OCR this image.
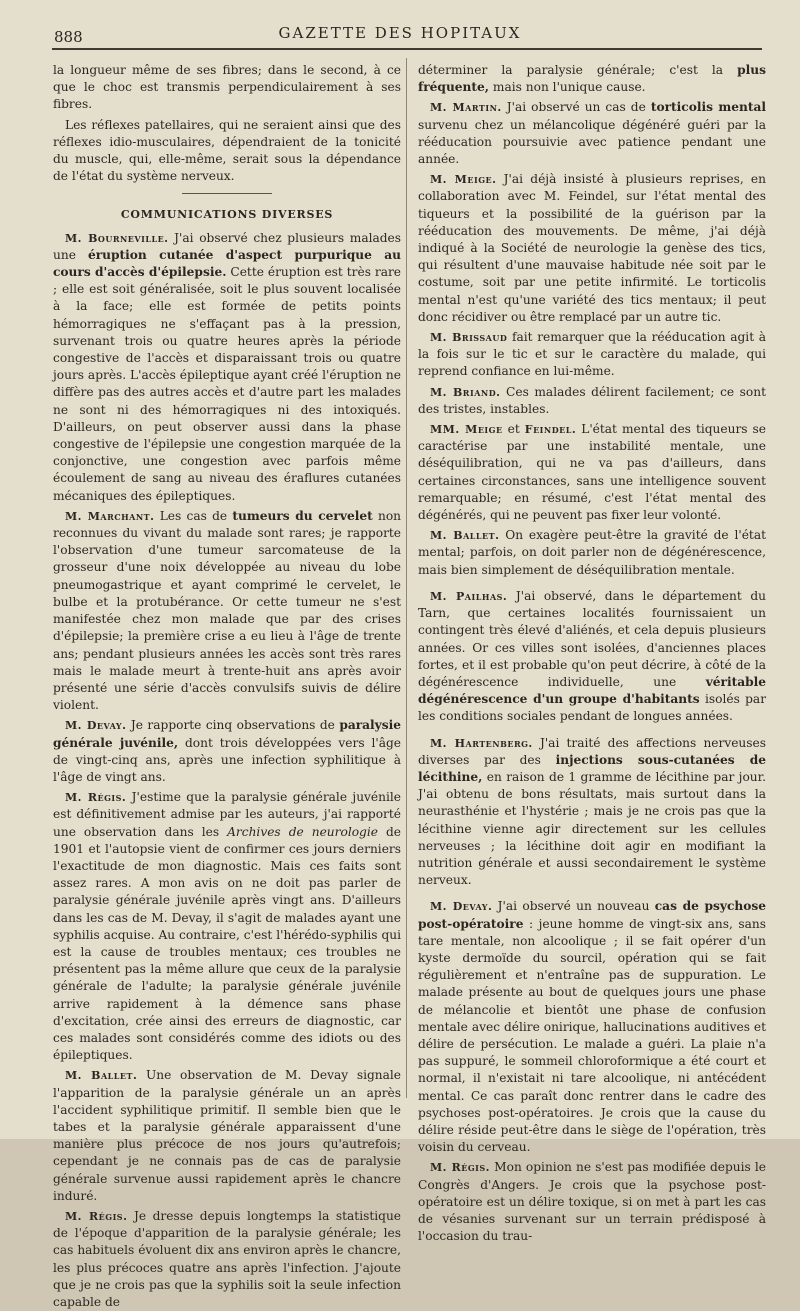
888	GAZETTE DES HOPITAUX

la longueur même de ses fibres; dans le second, à ce que le choc est transmis perpendiculairement à ses fibres.

Les réflexes patellaires, qui ne seraient ainsi que des réflexes idio-musculaires, dépendraient de la tonicité du muscle, qui, elle-même, serait sous la dépendance de l'état du système nerveux.

COMMUNICATIONS DIVERSES

M. Bourneville. J'ai observé chez plusieurs malades une éruption cutanée d'aspect purpurique au cours d'accès d'épilepsie. Cette éruption est très rare ; elle est soit généralisée, soit le plus souvent localisée à la face; elle est formée de petits points hémorragiques ne s'effaçant pas à la pression, survenant trois ou quatre heures après la période congestive de l'accès et disparaissant trois ou quatre jours après. L'accès épileptique ayant créé l'éruption ne diffère pas des autres accès et d'autre part les malades ne sont ni des hémorragiques ni des intoxiqués. D'ailleurs, on peut observer aussi dans la phase congestive de l'épilepsie une congestion marquée de la conjonctive, une congestion avec parfois même écoulement de sang au niveau des éraflures cutanées mécaniques des épileptiques.

M. Marchant. Les cas de tumeurs du cervelet non reconnues du vivant du malade sont rares; je rapporte l'observation d'une tumeur sarcomateuse de la grosseur d'une noix développée au niveau du lobe pneumogastrique et ayant comprimé le cervelet, le bulbe et la protubérance. Or cette tumeur ne s'est manifestée chez mon malade que par des crises d'épilepsie; la première crise a eu lieu à l'âge de trente ans; pendant plusieurs années les accès sont très rares mais le malade meurt à trente-huit ans après avoir présenté une série d'accès convulsifs suivis de délire violent.

M. Devay. Je rapporte cinq observations de paralysie générale juvénile, dont trois développées vers l'âge de vingt-cinq ans, après une infection syphilitique à l'âge de vingt ans.

M. Régis. J'estime que la paralysie générale juvénile est définitivement admise par les auteurs, j'ai rapporté une observation dans les Archives de neurologie de 1901 et l'autopsie vient de confirmer ces jours derniers l'exactitude de mon diagnostic. Mais ces faits sont assez rares. A mon avis on ne doit pas parler de paralysie générale juvénile après vingt ans. D'ailleurs dans les cas de M. Devay, il s'agit de malades ayant une syphilis acquise. Au contraire, c'est l'hérédo-syphilis qui est la cause de troubles mentaux; ces troubles ne présentent pas la même allure que ceux de la paralysie générale de l'adulte; la paralysie générale juvénile arrive rapidement à la démence sans phase d'excitation, crée ainsi des erreurs de diagnostic, car ces malades sont considérés comme des idiots ou des épileptiques.

M. Ballet. Une observation de M. Devay signale l'apparition de la paralysie générale un an après l'accident syphilitique primitif. Il semble bien que le tabes et la paralysie générale apparaissent d'une manière plus précoce de nos jours qu'autrefois; cependant je ne connais pas de cas de paralysie générale survenue aussi rapidement après le chancre induré.

M. Régis. Je dresse depuis longtemps la statistique de l'époque d'apparition de la paralysie générale; les cas habituels évoluent dix ans environ après le chancre, les plus précoces quatre ans après l'infection. J'ajoute que je ne crois pas que la syphilis soit la seule infection capable de

déterminer la paralysie générale; c'est la plus fréquente, mais non l'unique cause.

M. Martin. J'ai observé un cas de torticolis mental survenu chez un mélancolique dégénéré guéri par la rééducation poursuivie avec patience pendant une année.

M. Meige. J'ai déjà insisté à plusieurs reprises, en collaboration avec M. Feindel, sur l'état mental des tiqueurs et la possibilité de la guérison par la rééducation des mouvements. De même, j'ai déjà indiqué à la Société de neurologie la genèse des tics, qui résultent d'une mauvaise habitude née soit par le costume, soit par une petite infirmité. Le torticolis mental n'est qu'une variété des tics mentaux; il peut donc récidiver ou être remplacé par un autre tic.

M. Brissaud fait remarquer que la rééducation agit à la fois sur le tic et sur le caractère du malade, qui reprend confiance en lui-même.

M. Briand. Ces malades délirent facilement; ce sont des tristes, instables.

MM. Meige et Feindel. L'état mental des tiqueurs se caractérise par une instabilité mentale, une déséquilibration, qui ne va pas d'ailleurs, dans certaines circonstances, sans une intelligence souvent remarquable; en résumé, c'est l'état mental des dégénérés, qui ne peuvent pas fixer leur volonté.

M. Ballet. On exagère peut-être la gravité de l'état mental; parfois, on doit parler non de dégénérescence, mais bien simplement de déséquilibration mentale.

M. Pailhas. J'ai observé, dans le département du Tarn, que certaines localités fournissaient un contingent très élevé d'aliénés, et cela depuis plusieurs années. Or ces villes sont isolées, d'anciennes places fortes, et il est probable qu'on peut décrire, à côté de la dégénérescence individuelle, une véritable dégénérescence d'un groupe d'habitants isolés par les conditions sociales pendant de longues années.

M. Hartenberg. J'ai traité des affections nerveuses diverses par des injections sous-cutanées de lécithine, en raison de 1 gramme de lécithine par jour. J'ai obtenu de bons résultats, mais surtout dans la neurasthénie et l'hystérie ; mais je ne crois pas que la lécithine vienne agir directement sur les cellules nerveuses ; la lécithine doit agir en modifiant la nutrition générale et aussi secondairement le système nerveux.

M. Devay. J'ai observé un nouveau cas de psychose post-opératoire : jeune homme de vingt-six ans, sans tare mentale, non alcoolique ; il se fait opérer d'un kyste dermoïde du sourcil, opération qui se fait régulièrement et n'entraîne pas de suppuration. Le malade présente au bout de quelques jours une phase de mélancolie et bientôt une phase de confusion mentale avec délire onirique, hallucinations auditives et délire de persécution. Le malade a guéri. La plaie n'a pas suppuré, le sommeil chloroformique a été court et normal, il n'existait ni tare alcoolique, ni antécédent mental. Ce cas paraît donc rentrer dans le cadre des psychoses post-opératoires. Je crois que la cause du délire réside peut-être dans le siège de l'opération, très voisin du cerveau.

M. Régis. Mon opinion ne s'est pas modifiée depuis le Congrès d'Angers. Je crois que la psychose post-opératoire est un délire toxique, si on met à part les cas de vésanies survenant sur un terrain prédisposé à l'occasion du trau-
